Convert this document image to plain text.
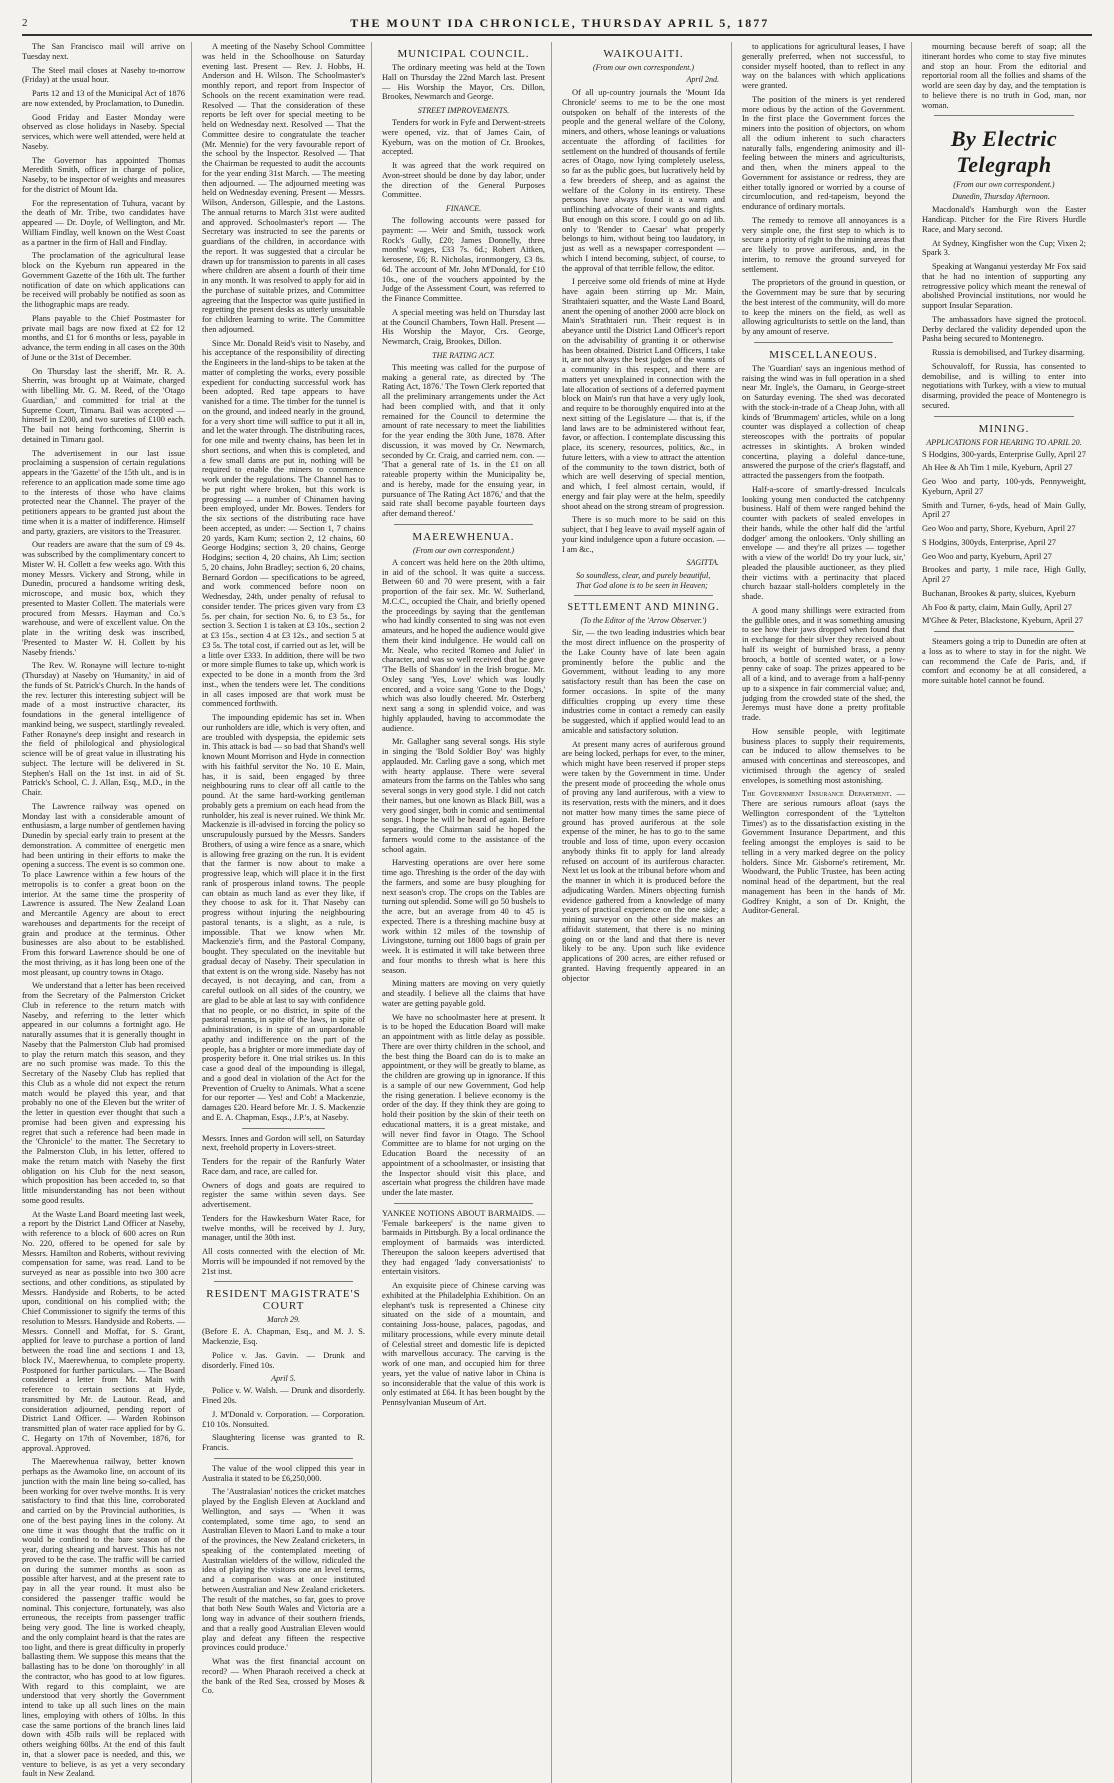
2	THE MOUNT IDA CHRONICLE, THURSDAY APRIL 5, 1877

The San Francisco mail will arrive on Tuesday next.

The Steel mail closes at Naseby to-morrow (Friday) at the usual hour.

Parts 12 and 13 of the Municipal Act of 1876 are now extended, by Proclamation, to Dunedin.

Good Friday and Easter Monday were observed as close holidays in Naseby. Special services, which were well attended, were held at Naseby.

The Governor has appointed Thomas Meredith Smith, officer in charge of police, Naseby, to be inspector of weights and measures for the district of Mount Ida.

For the representation of Tuhura, vacant by the death of Mr. Tribe, two candidates have appeared — Dr. Doyle, of Wellington, and Mr. William Findlay, well known on the West Coast as a partner in the firm of Hall and Findlay.

The proclamation of the agricultural lease block on the Kyeburn run appeared in the Government Gazette of the 16th ult. The further notification of date on which applications can be received will probably be notified as soon as the lithographic maps are ready.

Plans payable to the Chief Postmaster for private mail bags are now fixed at £2 for 12 months, and £1 for 6 months or less, payable in advance, the term ending in all cases on the 30th of June or the 31st of December.

On Thursday last the sheriff, Mr. R. A. Sherrin, was brought up at Waimate, charged with libelling Mr. G. M. Reed, of the 'Otago Guardian,' and committed for trial at the Supreme Court, Timaru. Bail was accepted — himself in £200, and two sureties of £100 each. The bail not being forthcoming, Sherrin is detained in Timaru gaol.

The advertisement in our last issue proclaiming a suspension of certain regulations appears in the 'Gazette' of the 15th ult., and is in reference to an application made some time ago to the interests of those who have claims protected near the Channel. The prayer of the petitioners appears to be granted just about the time when it is a matter of indifference. Himself and party, graziers, are visitors to the Treasurer.

Our readers are aware that the sum of £9 4s. was subscribed by the complimentary concert to Mister W. H. Collett a few weeks ago. With this money Messrs. Vickery and Strong, while in Dunedin, procured a handsome writing desk, microscope, and music box, which they presented to Master Collett. The materials were procured from Messrs. Hayman and Co.'s warehouse, and were of excellent value. On the plate in the writing desk was inscribed, 'Presented to Master W. H. Collett by his Naseby friends.'

The Rev. W. Ronayne will lecture to-night (Thursday) at Naseby on 'Humanity,' in aid of the funds of St. Patrick's Church. In the hands of the rev. lecturer this interesting subject will be made of a most instructive character, its foundations in the general intelligence of mankind being, we suspect, startlingly revealed. Father Ronayne's deep insight and research in the field of philological and physiological science will be of great value in illustrating his subject. The lecture will be delivered in St. Stephen's Hall on the 1st inst. in aid of St. Patrick's School, C. J. Allan, Esq., M.D., in the Chair.

The Lawrence railway was opened on Monday last with a considerable amount of enthusiasm, a large number of gentlemen having Dunedin by special early train to present at the demonstration. A committee of energetic men had been untiring in their efforts to make the opening a success. The event is so common one. To place Lawrence within a few hours of the metropolis is to confer a great boon on the interior. At the same time the prosperity of Lawrence is assured. The New Zealand Loan and Mercantile Agency are about to erect warehouses and departments for the receipt of grain and produce at the terminus. Other businesses are also about to be established. From this forward Lawrence should be one of the most thriving, as it has long been one of the most pleasant, up country towns in Otago.

We understand that a letter has been received from the Secretary of the Palmerston Cricket Club in reference to the return match with Naseby, and referring to the letter which appeared in our columns a fortnight ago. He naturally assumes that it is generally thought in Naseby that the Palmerston Club had promised to play the return match this season, and they are no such promise was made. To this the Secretary of the Naseby Club has replied that this Club as a whole did not expect the return match would be played this year, and that probably no one of the Eleven but the writer of the letter in question ever thought that such a promise had been given and expressing his regret that such a reference had been made in the 'Chronicle' to the matter. The Secretary to the Palmerston Club, in his letter, offered to make the return match with Naseby the first obligation on his Club for the next season, which proposition has been acceded to, so that little misunderstanding has not been without some good results.

At the Waste Land Board meeting last week, a report by the District Land Officer at Naseby, with reference to a block of 600 acres on Run No. 220, offered to be opened for sale by Messrs. Hamilton and Roberts, without reviving compensation for same, was read. Land to be surveyed as near as possible into two 300 acre sections, and other conditions, as stipulated by Messrs. Handyside and Roberts, to be acted upon, conditional on his complied with; the Chief Commissioner to signify the terms of this resolution to Messrs. Handyside and Roberts. — Messrs. Connell and Moffat, for S. Grant, applied for leave to purchase a portion of land between the road line and sections 1 and 13, block IV., Maerewhenua, to complete property. Postponed for further particulars. — The Board considered a letter from Mr. Main with reference to certain sections at Hyde, transmitted by Mr. de Lautour. Read, and consideration adjourned, pending report of District Land Officer. — Warden Robinson transmitted plan of water race applied for by G. C. Hegarty on 17th of November, 1876, for approval. Approved.

The Maerewhenua railway, better known perhaps as the Awamoko line, on account of its junction with the main line being so-called, has been working for over twelve months. It is very satisfactory to find that this line, corroborated and carried on by the Provincial authorities, is one of the best paying lines in the colony. At one time it was thought that the traffic on it would be confined to the bare season of the year, during shearing and harvest. This has not proved to be the case. The traffic will be carried on during the summer months as soon as possible after harvest, and at the present rate to pay in all the year round. It must also be considered the passenger traffic would be nominal. This conjecture, fortunately, was also erroneous, the receipts from passenger traffic being very good. The line is worked cheaply, and the only complaint heard is that the rates are too light, and there is great difficulty in properly ballasting them. We suppose this means that the ballasting has to be done 'on thoroughly' in all the contractor, who has good to at low figures. With regard to this complaint, we are understood that very shortly the Government intend to take up all such lines on the main lines, employing with others of 10lbs. In this case the same portions of the branch lines laid down with 45lb rails will be replaced with others weighing 60lbs. At the end of this fault in, that a slower pace is needed, and this, we venture to believe, is as yet a very secondary fault in New Zealand.

A meeting of the Naseby School Committee was held in the Schoolhouse on Saturday evening last. Present — Rev. J. Hobbs, H. Anderson and H. Wilson. The Schoolmaster's monthly report, and report from Inspector of Schools on the recent examination were read. Resolved — That the consideration of these reports be left over for special meeting to be held on Wednesday next. Resolved — That the Committee desire to congratulate the teacher (Mr. Mennie) for the very favourable report of the school by the Inspector. Resolved — That the Chairman be requested to audit the accounts for the year ending 31st March. — The meeting then adjourned. — The adjourned meeting was held on Wednesday evening. Present — Messrs. Wilson, Anderson, Gillespie, and the Lastons. The annual returns to March 31st were audited and approved. Schoolmaster's report — The Secretary was instructed to see the parents or guardians of the children, in accordance with the report. It was suggested that a circular be drawn up for transmission to parents in all cases where children are absent a fourth of their time in any month. It was resolved to apply for aid in the purchase of suitable prizes, and Committee agreeing that the Inspector was quite justified in regretting the present desks as utterly unsuitable for children learning to write. The Committee then adjourned.

Since Mr. Donald Reid's visit to Naseby, and his acceptance of the responsibility of directing the Engineers in the land-ships to be taken at the matter of completing the works, every possible expedient for conducting successful work has been adopted. Red tape appears to have vanished for a time. The timber for the tunnel is on the ground, and indeed nearly in the ground, for a very short time will suffice to put it all in, and let the water through. The distributing races, for one mile and twenty chains, has been let in short sections, and when this is completed, and a few small dams are put in, nothing will be required to enable the miners to commence work under the regulations. The Channel has to be put right where broken, but this work is progressing — a number of Chinamen having been employed, under Mr. Bowes. Tenders for the six sections of the distributing race have been accepted, as under: — Section 1, 7 chains 20 yards, Kam Kum; section 2, 12 chains, 60 George Hodgins; section 3, 20 chains, George Hodgins; section 4, 20 chains, Ah Lim; section 5, 20 chains, John Bradley; section 6, 20 chains, Bernard Gordon — specifications to be agreed, and work commenced before noon on Wednesday, 24th, under penalty of refusal to consider tender. The prices given vary from £3 5s. per chain, for section No. 6, to £3 5s., for section 3. Section 1 is taken at £3 10s., section 2 at £3 15s., section 4 at £3 12s., and section 5 at £3 5s. The total cost, if carried out as let, will be a little over £333. In addition, there will be two or more simple flumes to take up, which work is expected to be done in a month from the 3rd inst., when the tenders were let. The conditions in all cases imposed are that work must be commenced forthwith.

The impounding epidemic has set in. When our runholders are idle, which is very often, and are troubled with dyspepsia, the epidemic sets in. This attack is bad — so bad that Shand's well known Mount Morrison and Hyde in connection with his faithful servitor the No. 10 E. Main, has, it is said, been engaged by three neighbouring runs to clear off all cattle to the pound. At the same hard-working gentleman probably gets a premium on each head from the runholder, his zeal is never ruined. We think Mr. Mackenzie is ill-advised in forcing the policy so unscrupulously pursued by the Messrs. Sanders Brothers, of using a wire fence as a snare, which is allowing free grazing on the run. It is evident that the farmer is now about to make a progressive leap, which will place it in the first rank of prosperous inland towns. The people can obtain as much land as ever they like, if they choose to ask for it. That Naseby can progress without injuring the neighbouring pastoral tenants, is a slight, as a rule, is impossible. That we know when Mr. Mackenzie's firm, and the Pastoral Company, bought. They speculated on the inevitable but gradual decay of Naseby. Their speculation in that extent is on the wrong side. Naseby has not decayed, is not decaying, and can, from a careful outlook on all sides of the country, we are glad to be able at last to say with confidence that no people, or no district, in spite of the pastoral tenants, in spite of the laws, in spite of administration, is in spite of an unpardonable apathy and indifference on the part of the people, has a brighter or more immediate day of prosperity before it. One trial strikes us. In this case a good deal of the impounding is illegal, and a good deal in violation of the Act for the Prevention of Cruelty to Animals. What a scene for our reporter — Yes! and Cob! a Mackenzie, damages £20. Heard before Mr. J. S. Mackenzie and E. A. Chapman, Esqs., J.P.'s, at Naseby.

Messrs. Innes and Gordon will sell, on Saturday next, freehold property in Lovers-street.

Tenders for the repair of the Ranfurly Water Race dam, and race, are called for.

Owners of dogs and goats are required to register the same within seven days. See advertisement.

Tenders for the Hawkesburn Water Race, for twelve months, will be received by J. Jury, manager, until the 30th inst.

All costs connected with the election of Mr. Morris will be impounded if not removed by the 21st inst.

RESIDENT MAGISTRATE'S COURT
March 29.

(Before E. A. Chapman, Esq., and M. J. S. Mackenzie, Esq.

Police v. Jas. Gavin. — Drunk and disorderly. Fined 10s.

April 5.

Police v. W. Walsh. — Drunk and disorderly. Fined 20s.

J. M'Donald v. Corporation. — Corporation. £10 10s. Nonsuited.

Slaughtering license was granted to R. Francis.

The value of the wool clipped this year in Australia it stated to be £6,250,000.

The 'Australasian' notices the cricket matches played by the English Eleven at Auckland and Wellington, and says — 'When it was contemplated, some time ago, to send an Australian Eleven to Maori Land to make a tour of the provinces, the New Zealand cricketers, in speaking of the contemplated meeting of Australian wielders of the willow, ridiculed the idea of playing the visitors one an level terms, and a comparison was at once instituted between Australian and New Zealand cricketers. The result of the matches, so far, goes to prove that both New South Wales and Victoria are a long way in advance of their southern friends, and that a really good Australian Eleven would play and defeat any fifteen the respective provinces could produce.'

What was the first financial account on record? — When Pharaoh received a check at the bank of the Red Sea, crossed by Moses & Co.

MUNICIPAL COUNCIL.

The ordinary meeting was held at the Town Hall on Thursday the 22nd March last. Present — His Worship the Mayor, Crs. Dillon, Brookes, Newmarch and George.

STREET IMPROVEMENTS.

Tenders for work in Fyfe and Derwent-streets were opened, viz. that of James Cain, of Kyeburn, was on the motion of Cr. Brookes, accepted.

It was agreed that the work required on Avon-street should be done by day labor, under the direction of the General Purposes Committee.

FINANCE.

The following accounts were passed for payment: — Weir and Smith, tussock work Rock's Gully, £20; James Donnelly, three months' wages, £33 7s. 6d.; Robert Aitken, kerosene, £6; R. Nicholas, ironmongery, £3 8s. 6d. The account of Mr. John M'Donald, for £10 10s., one of the vouchers appointed by the Judge of the Assessment Court, was referred to the Finance Committee.

A special meeting was held on Thursday last at the Council Chambers, Town Hall. Present — His Worship the Mayor, Crs. George, Newmarch, Craig, Brookes, Dillon.

THE RATING ACT.

This meeting was called for the purpose of making a general rate, as directed by 'The Rating Act, 1876.' The Town Clerk reported that all the preliminary arrangements under the Act had been complied with, and that it only remained for the Council to determine the amount of rate necessary to meet the liabilities for the year ending the 30th June, 1878. After discussion, it was moved by Cr. Newmarch, seconded by Cr. Craig, and carried nem. con. — 'That a general rate of 1s. in the £1 on all rateable property within the Municipality be, and is hereby, made for the ensuing year, in pursuance of The Rating Act 1876,' and that the said rate shall become payable fourteen days after demand thereof.'

MAEREWHENUA.
(From our own correspondent.)

A concert was held here on the 20th ultimo, in aid of the school. It was quite a success. Between 60 and 70 were present, with a fair proportion of the fair sex. Mr. W. Sutherland, M.C.C., occupied the Chair, and briefly opened the proceedings by saying that the gentleman who had kindly consented to sing was not even amateurs, and he hoped the audience would give them their kind indulgence. He would call on Mr. Neale, who recited 'Romeo and Juliet' in character, and was so well received that he gave 'The Bells of Shandon' in the Irish brogue. Mr. Oxley sang 'Yes, Love' which was loudly encored, and a voice sang 'Gone to the Dogs,' which was also loudly cheered. Mr. Osterberg next sang a song in splendid voice, and was highly applauded, having to accommodate the audience.

Mr. Gallagher sang several songs. His style in singing the 'Bold Soldier Boy' was highly applauded. Mr. Carling gave a song, which met with hearty applause. There were several amateurs from the farms on the Tables who sang several songs in very good style. I did not catch their names, but one known as Black Bill, was a very good singer, both in comic and sentimental songs. I hope he will be heard of again. Before separating, the Chairman said he hoped the farmers would come to the assistance of the school again.

Harvesting operations are over here some time ago. Threshing is the order of the day with the farmers, and some are busy ploughing for next season's crop. The crops on the Tables are turning out splendid. Some will go 50 bushels to the acre, but an average from 40 to 45 is expected. There is a threshing machine busy at work within 12 miles of the township of Livingstone, turning out 1800 bags of grain per week. It is estimated it will take between three and four months to thresh what is here this season.

Mining matters are moving on very quietly and steadily. I believe all the claims that have water are getting payable gold.

We have no schoolmaster here at present. It is to be hoped the Education Board will make an appointment with as little delay as possible. There are over thirty children in the school, and the best thing the Board can do is to make an appointment, or they will be greatly to blame, as the children are growing up in ignorance. If this is a sample of our new Government, God help the rising generation. I believe economy is the order of the day. If they think they are going to hold their position by the skin of their teeth on educational matters, it is a great mistake, and will never find favor in Otago. The School Committee are to blame for not urging on the Education Board the necessity of an appointment of a schoolmaster, or insisting that the Inspector should visit this place, and ascertain what progress the children have made under the late master.

YANKEE NOTIONS ABOUT BARMAIDS. — 'Female barkeepers' is the name given to barmaids in Pittsburgh. By a local ordinance the employment of barmaids was interdicted. Thereupon the saloon keepers advertised that they had engaged 'lady conversationists' to entertain visitors.

An exquisite piece of Chinese carving was exhibited at the Philadelphia Exhibition. On an elephant's tusk is represented a Chinese city situated on the side of a mountain, and containing Joss-house, palaces, pagodas, and military processions, while every minute detail of Celestial street and domestic life is depicted with marvellous accuracy. The carving is the work of one man, and occupied him for three years, yet the value of native labor in China is so inconsiderable that the value of this work is only estimated at £64. It has been bought by the Pennsylvanian Museum of Art.

WAIKOUAITI.
(From our own correspondent.)
April 2nd.

Of all up-country journals the 'Mount Ida Chronicle' seems to me to be the one most outspoken on behalf of the interests of the people and the general welfare of the Colony, miners, and others, whose leanings or valuations accentuate the affording of facilities for settlement on the hundred of thousands of fertile acres of Otago, now lying completely useless, so far as the public goes, but lucratively held by a few breeders of sheep, and as against the welfare of the Colony in its entirety. These persons have always found it a warm and unflinching advocate of their wants and rights. But enough on this score. I could go on ad lib. only to 'Render to Caesar' what properly belongs to him, without being too laudatory, in just as well as a newspaper correspondent — which I intend becoming, subject, of course, to the approval of that terrible fellow, the editor.

I perceive some old friends of mine at Hyde have again been stirring up Mr. Main, Strathtaieri squatter, and the Waste Land Board, anent the opening of another 2000 acre block on Main's Strathtaieri run. Their request is in abeyance until the District Land Officer's report on the advisability of granting it or otherwise has been obtained. District Land Officers, I take it, are not always the best judges of the wants of a community in this respect, and there are matters yet unexplained in connection with the late allocation of sections of a deferred payment block on Main's run that have a very ugly look, and require to be thoroughly enquired into at the next sitting of the Legislature — that is, if the land laws are to be administered without fear, favor, or affection. I contemplate discussing this place, its scenery, resources, politics, &c., in future letters, with a view to attract the attention of the community to the town district, both of which are well deserving of special mention, and which, I feel almost certain, would, if energy and fair play were at the helm, speedily shoot ahead on the strong stream of progression.

There is so much more to be said on this subject, that I beg leave to avail myself again of your kind indulgence upon a future occasion. — I am &c.,

SAGITTA.
So soundless, clear, and purely beautiful,
That God alone is to be seen in Heaven;
SETTLEMENT AND MINING.
(To the Editor of the 'Arrow Observer.')

Sir, — the two leading industries which bear the most direct influence on the prosperity of the Lake County have of late been again prominently before the public and the Government, without leading to any more satisfactory result than has been the case on former occasions. In spite of the many difficulties cropping up every time these industries come in contact a remedy can easily be suggested, which if applied would lead to an amicable and satisfactory solution.

At present many acres of auriferous ground are being locked, perhaps for ever, to the miner, which might have been reserved if proper steps were taken by the Government in time. Under the present mode of proceeding the whole onus of proving any land auriferous, with a view to its reservation, rests with the miners, and it does not matter how many times the same piece of ground has proved auriferous at the sole expense of the miner, he has to go to the same trouble and loss of time, upon every occasion anybody thinks fit to apply for land already refused on account of its auriferous character. Next let us look at the tribunal before whom and the manner in which it is produced before the adjudicating Warden. Miners objecting furnish evidence gathered from a knowledge of many years of practical experience on the one side; a mining surveyor on the other side makes an affidavit statement, that there is no mining going on or the land and that there is never likely to be any. Upon such like evidence applications of 200 acres, are either refused or granted. Having frequently appeared in an objector

to applications for agricultural leases, I have generally preferred, when not successful, to consider myself hooted, than to reflect in any way on the balances with which applications were granted.

The position of the miners is yet rendered more odious by the action of the Government. In the first place the Government forces the miners into the position of objectors, on whom all the odium inherent to such characters naturally falls, engendering animosity and ill-feeling between the miners and agriculturists, and then, when the miners appeal to the Government for assistance or redress, they are either totally ignored or worried by a course of circumlocution, and red-tapeism, beyond the endurance of ordinary mortals.

The remedy to remove all annoyances is a very simple one, the first step to which is to secure a priority of right to the mining areas that are likely to prove auriferous, and, in the interim, to remove the ground surveyed for settlement.

The proprietors of the ground in question, or the Government may be sure that by securing the best interest of the community, will do more to keep the miners on the field, as well as allowing agriculturists to settle on the land, than by any amount of reserve.

MISCELLANEOUS.

The 'Guardian' says an ingenious method of raising the wind was in full operation in a shed near Mr. Ingle's, the Oamaru, in George-street on Saturday evening. The shed was decorated with the stock-in-trade of a Cheap John, with all kinds of 'Brummagem' articles, while on a long counter was displayed a collection of cheap stereoscopes with the portraits of popular actresses in skintights. A broken winded concertina, playing a doleful dance-tune, answered the purpose of the crier's flagstaff, and attracted the passengers from the footpath.

Half-a-score of smartly-dressed Inculcals looking young men conducted the catchpenny business. Half of them were ranged behind the counter with packets of sealed envelopes in their hands, while the other half did the 'artful dodger' among the onlookers. 'Only shilling an envelope — and they're all prizes — together with a view of the world! Do try your luck, sir,' pleaded the plausible auctioneer, as they plied their victims with a pertinacity that placed church bazaar stall-holders completely in the shade.

A good many shillings were extracted from the gullible ones, and it was something amusing to see how their jaws dropped when found that in exchange for their silver they received about half its weight of burnished brass, a penny brooch, a bottle of scented water, or a low-penny cake of soap. The prizes appeared to be all of a kind, and to average from a half-penny up to a sixpence in fair commercial value; and, judging from the crowded state of the shed, the Jeremys must have done a pretty profitable trade.

How sensible people, with legitimate business places to supply their requirements, can be induced to allow themselves to be amused with concertinas and stereoscopes, and victimised through the agency of sealed envelopes, is something most astonishing.

The Government Insurance Department. — There are serious rumours afloat (says the Wellington correspondent of the 'Lyttelton Times') as to the dissatisfaction existing in the Government Insurance Department, and this feeling amongst the employes is said to be telling in a very marked degree on the policy holders. Since Mr. Gisborne's retirement, Mr. Woodward, the Public Trustee, has been acting nominal head of the department, but the real management has been in the hands of Mr. Godfrey Knight, a son of Dr. Knight, the Auditor-General.

mourning because bereft of soap; all the itinerant hordes who come to stay five minutes and stop an hour. From the editorial and reportorial room all the follies and shams of the world are seen day by day, and the temptation is to believe there is no truth in God, man, nor woman.

By Electric Telegraph
(From our own correspondent.)
Dunedin, Thursday Afternoon.

Macdonald's Hamburgh won the Easter Handicap. Pitcher for the Fire Rivers Hurdle Race, and Mary second.

At Sydney, Kingfisher won the Cup; Vixen 2; Spark 3.

Speaking at Wanganui yesterday Mr Fox said that he had no intention of supporting any retrogressive policy which meant the renewal of abolished Provincial institutions, nor would he support Insular Separation.

The ambassadors have signed the protocol. Derby declared the validity depended upon the Pasha being secured to Montenegro.

Russia is demobilised, and Turkey disarming.

Schouvaloff, for Russia, has consented to demobilise, and is willing to enter into negotiations with Turkey, with a view to mutual disarming, provided the peace of Montenegro is secured.

MINING.
APPLICATIONS FOR HEARING TO APRIL 20.

S Hodgins, 300-yards, Enterprise Gully, April 27

Ah Hee & Ah Tim 1 mile, Kyeburn, April 27

Geo Woo and party, 100-yds, Pennyweight, Kyeburn, April 27

Smith and Turner, 6-yds, head of Main Gully, April 27

Geo Woo and party, Shore, Kyeburn, April 27

S Hodgins, 300yds, Enterprise, April 27

Geo Woo and party, Kyeburn, April 27

Brookes and party, 1 mile race, High Gully, April 27

Buchanan, Brookes & party, sluices, Kyeburn

Ah Foo & party, claim, Main Gully, April 27

M'Ghee & Peter, Blackstone, Kyeburn, April 27

Steamers going a trip to Dunedin are often at a loss as to where to stay in for the night. We can recommend the Cafe de Paris, and, if comfort and economy be at all considered, a more suitable hotel cannot be found.
